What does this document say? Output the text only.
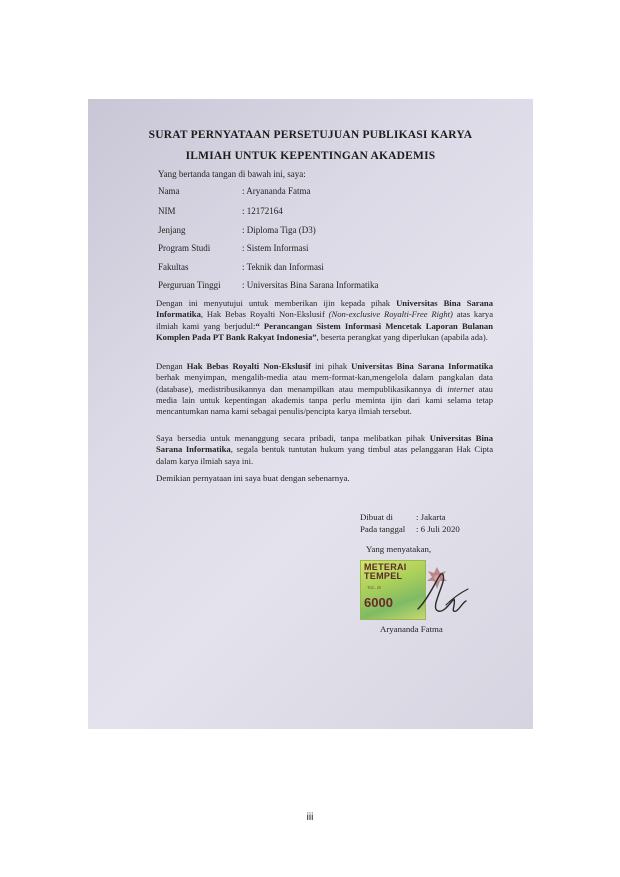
SURAT PERNYATAAN PERSETUJUAN PUBLIKASI KARYA
ILMIAH UNTUK KEPENTINGAN AKADEMIS
Yang bertanda tangan di bawah ini, saya:
Nama	: Aryananda Fatma
NIM	: 12172164
Jenjang	: Diploma Tiga (D3)
Program Studi	: Sistem Informasi
Fakultas	: Teknik dan Informasi
Perguruan Tinggi : Universitas Bina Sarana Informatika
Dengan ini menyutujui untuk memberikan ijin kepada pihak Universitas Bina Sarana Informatika, Hak Bebas Royalti Non-Ekslusif (Non-exclusive Royalti-Free Right) atas karya ilmiah kami yang berjudul:“ Perancangan Sistem Informasi Mencetak Laporan Bulanan Komplen Pada PT Bank Rakyat Indonesia”, beserta perangkat yang diperlukan (apabila ada).
Dengan Hak Bebas Royalti Non-Ekslusif ini pihak Universitas Bina Sarana Informatika berhak menyimpan, mengalih-media atau mem-format-kan,mengelola dalam pangkalan data (database), medistribusikannya dan menampilkan atau mempublikasikannya di internet atau media lain untuk kepentingan akademis tanpa perlu meminta ijin dari kami selama tetap mencantumkan nama kami sebagai penulis/pencipta karya ilmiah tersebut.
Saya bersedia untuk menanggung secara pribadi, tanpa melibatkan pihak Universitas Bina Sarana Informatika, segala bentuk tuntutan hukum yang timbul atas pelanggaran Hak Cipta dalam karya ilmiah saya ini.
Demikian pernyataan ini saya buat dengan sebenarnya.
Dibuat di	: Jakarta
Pada tanggal : 6 Juli 2020
Yang menyatakan,
METERAI TEMPEL
TGL. 20
6000
Aryananda Fatma
iii
